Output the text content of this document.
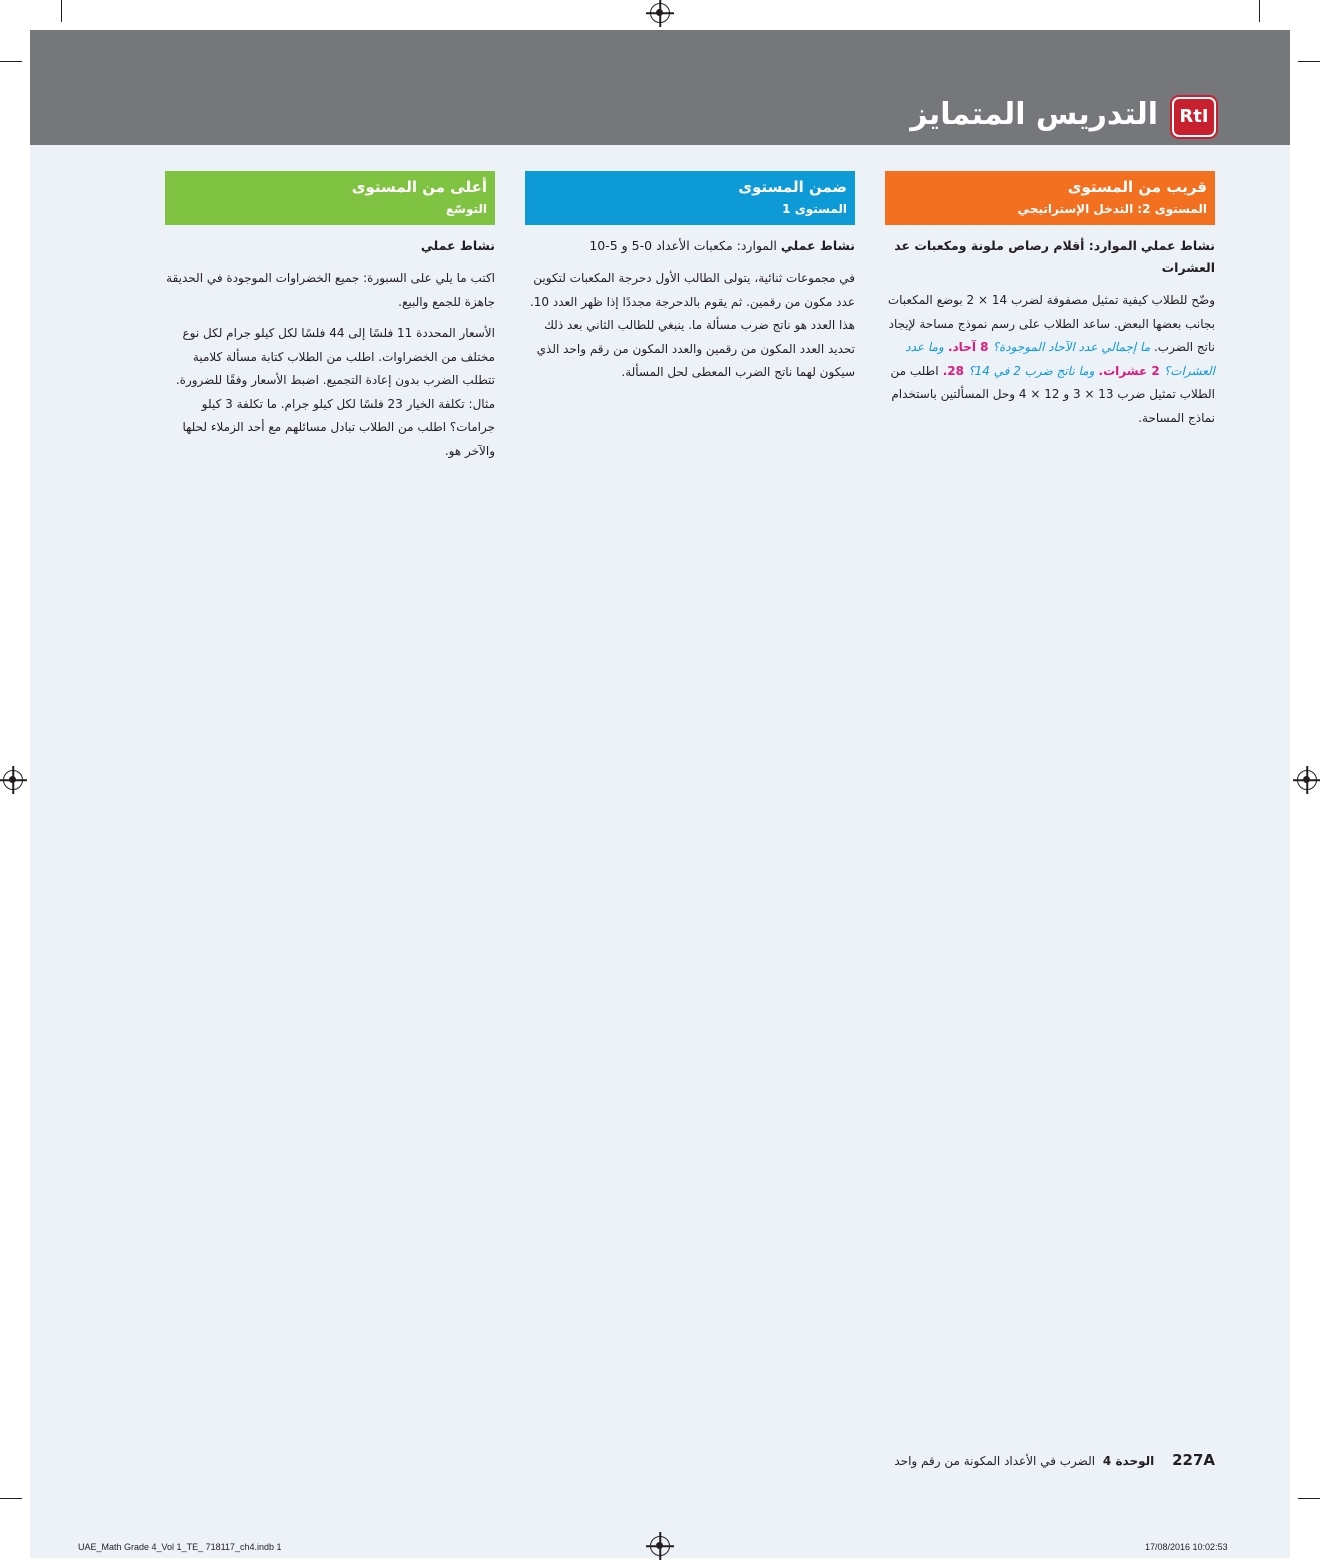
التدريس المتمايز	RtI
قريب من المستوى
المستوى 2: التدخل الإستراتيجي
نشاط عملي الموارد: أقلام رصاص ملونة ومكعبات عد العشرات

وضّح للطلاب كيفية تمثيل مصفوفة لضرب 14 × 2 بوضع المكعبات بجانب بعضها البعض. ساعد الطلاب على رسم نموذج مساحة لإيجاد ناتج الضرب. ما إجمالي عدد الآحاد الموجودة؟ 8 آحاد. وما عدد العشرات؟ 2 عشرات. وما ناتج ضرب 2 في 14؟ 28. اطلب من الطلاب تمثيل ضرب 13 × 3 و 12 × 4 وحل المسألتين باستخدام نماذج المساحة.

ضمن المستوى
المستوى 1
نشاط عملي الموارد: مكعبات الأعداد 0-5 و 5-10

في مجموعات ثنائية، يتولى الطالب الأول دحرجة المكعبات لتكوين عدد مكون من رقمين. ثم يقوم بالدحرجة مجددًا إذا ظهر العدد 10. هذا العدد هو ناتج ضرب مسألة ما. ينبغي للطالب الثاني بعد ذلك تحديد العدد المكون من رقمين والعدد المكون من رقم واحد الذي سيكون لهما ناتج الضرب المعطى لحل المسألة.

أعلى من المستوى
التوسّع
نشاط عملي

اكتب ما يلي على السبورة: جميع الخضراوات الموجودة في الحديقة جاهزة للجمع والبيع.

الأسعار المحددة 11 فلسًا إلى 44 فلسًا لكل كيلو جرام لكل نوع مختلف من الخضراوات. اطلب من الطلاب كتابة مسألة كلامية تتطلب الضرب بدون إعادة التجميع. اضبط الأسعار وفقًا للضرورة. مثال: تكلفة الخيار 23 فلسًا لكل كيلو جرام. ما تكلفة 3 كيلو جرامات؟ اطلب من الطلاب تبادل مسائلهم مع أحد الزملاء لحلها والآخر هو.

227A الوحدة 4 الضرب في الأعداد المكونة من رقم واحد
UAE_Math Grade 4_Vol 1_TE_ 718117_ch4.indb 1	17/08/2016 10:02:53
